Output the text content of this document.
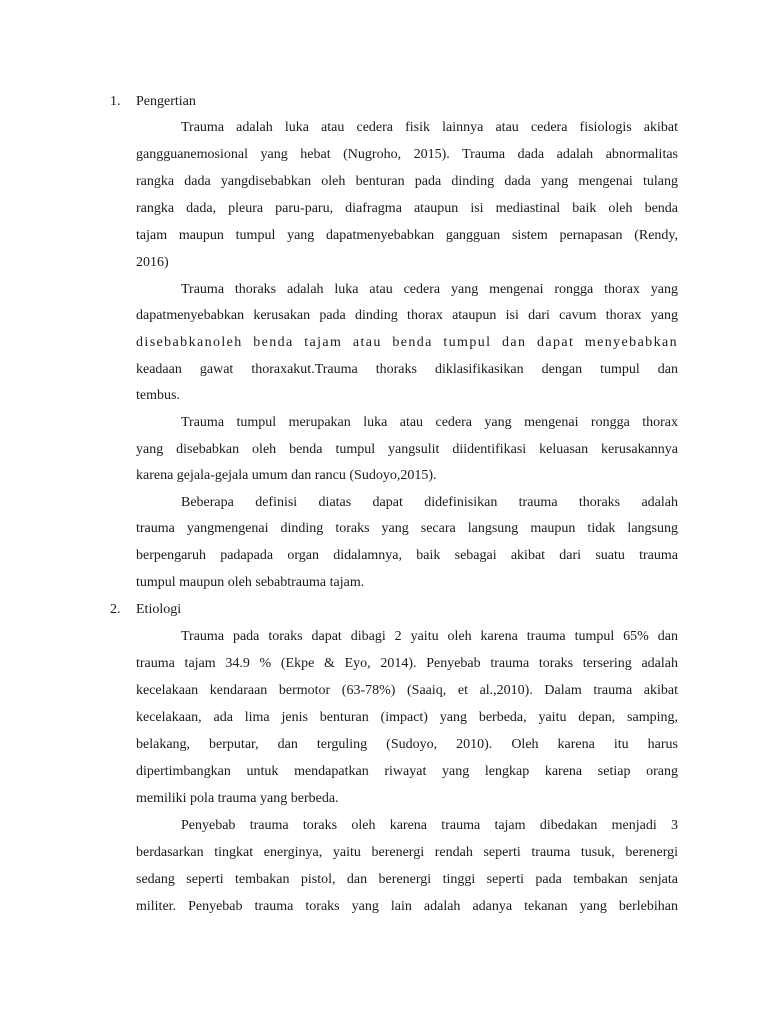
1. Pengertian
Trauma adalah luka atau cedera fisik lainnya atau cedera fisiologis akibat
gangguanemosional yang hebat (Nugroho, 2015). Trauma dada adalah abnormalitas
rangka dada yangdisebabkan oleh benturan pada dinding dada yang mengenai tulang
rangka dada, pleura paru-paru, diafragma ataupun isi mediastinal baik oleh benda
tajam maupun tumpul yang dapatmenyebabkan gangguan sistem pernapasan (Rendy,
2016)
Trauma thoraks adalah luka atau cedera yang mengenai rongga thorax yang
dapatmenyebabkan kerusakan pada dinding thorax ataupun isi dari cavum thorax yang
disebabkanoleh benda tajam atau benda tumpul dan dapat menyebabkan
keadaan gawat thoraxakut.Trauma thoraks diklasifikasikan dengan tumpul dan
tembus.
Trauma tumpul merupakan luka atau cedera yang mengenai rongga thorax
yang disebabkan oleh benda tumpul yangsulit diidentifikasi keluasan kerusakannya
karena gejala-gejala umum dan rancu (Sudoyo,2015).
Beberapa definisi diatas dapat didefinisikan trauma thoraks adalah
trauma yangmengenai dinding toraks yang secara langsung maupun tidak langsung
berpengaruh padapada organ didalamnya, baik sebagai akibat dari suatu trauma
tumpul maupun oleh sebabtrauma tajam.
2. Etiologi
Trauma pada toraks dapat dibagi 2 yaitu oleh karena trauma tumpul 65% dan
trauma tajam 34.9 % (Ekpe & Eyo, 2014). Penyebab trauma toraks tersering adalah
kecelakaan kendaraan bermotor (63-78%) (Saaiq, et al.,2010). Dalam trauma akibat
kecelakaan, ada lima jenis benturan (impact) yang berbeda, yaitu depan, samping,
belakang, berputar, dan terguling (Sudoyo, 2010). Oleh karena itu harus
dipertimbangkan untuk mendapatkan riwayat yang lengkap karena setiap orang
memiliki pola trauma yang berbeda.
Penyebab trauma toraks oleh karena trauma tajam dibedakan menjadi 3
berdasarkan tingkat energinya, yaitu berenergi rendah seperti trauma tusuk, berenergi
sedang seperti tembakan pistol, dan berenergi tinggi seperti pada tembakan senjata
militer. Penyebab trauma toraks yang lain adalah adanya tekanan yang berlebihan
